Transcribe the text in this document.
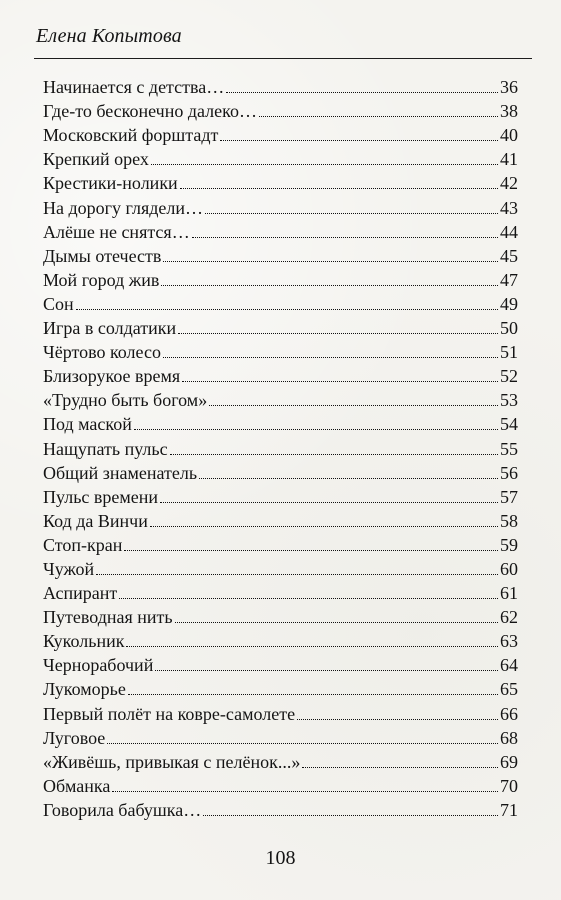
Елена Копытова
Начинается с детства…	36
Где-то бесконечно далеко…	38
Московский форштадт	40
Крепкий орех	41
Крестики-нолики	42
На дорогу глядели…	43
Алёше не снятся…	44
Дымы отечеств	45
Мой город жив	47
Сон	49
Игра в солдатики	50
Чёртово колесо	51
Близорукое время	52
«Трудно быть богом»	53
Под маской	54
Нащупать пульс	55
Общий знаменатель	56
Пульс времени	57
Код да Винчи	58
Стоп-кран	59
Чужой	60
Аспирант	61
Путеводная нить	62
Кукольник	63
Чернорабочий	64
Лукоморье	65
Первый полёт на ковре-самолете	66
Луговое	68
«Живёшь, привыкая с пелёнок...»	69
Обманка	70
Говорила бабушка…	71
108
